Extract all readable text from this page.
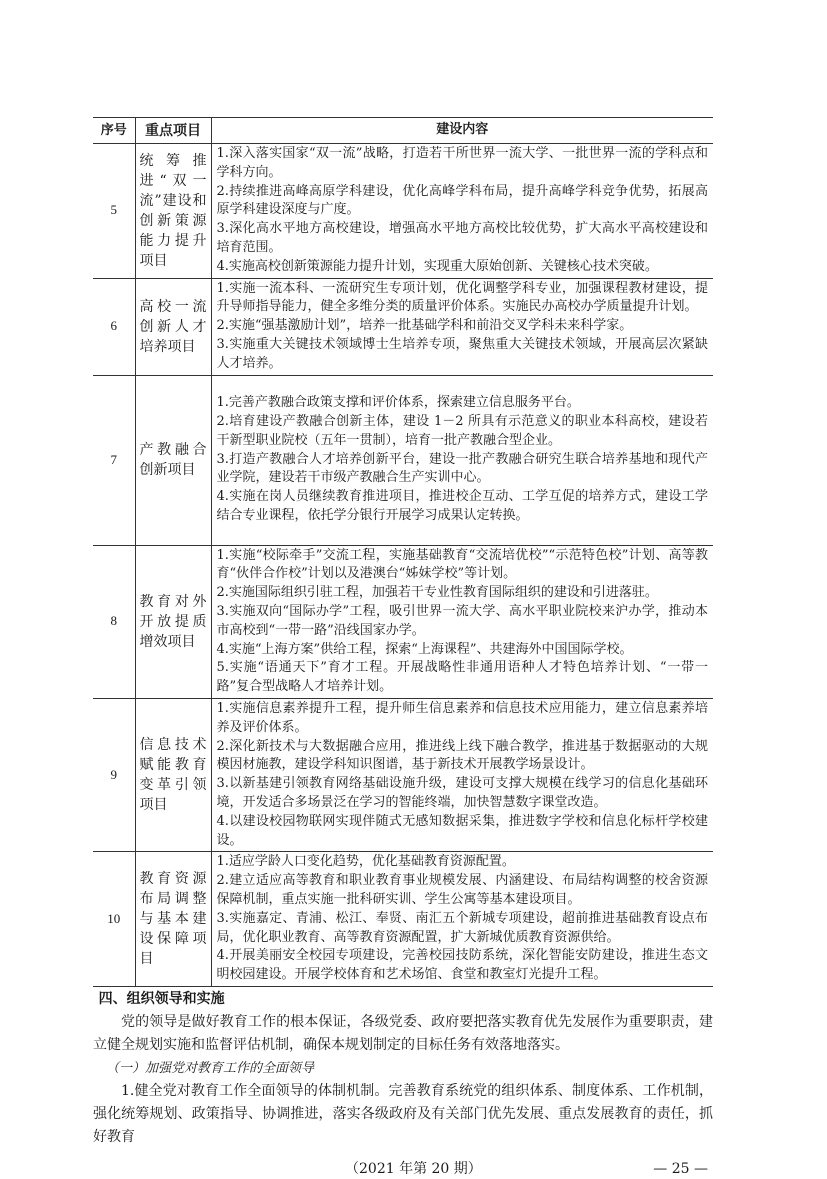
序号	重点项目	建设内容
5	统筹推进“双一流”建设和创新策源能力提升项目	1.深入落实国家“双一流”战略，打造若干所世界一流大学、一批世界一流的学科点和学科方向。
2.持续推进高峰高原学科建设，优化高峰学科布局，提升高峰学科竞争优势，拓展高原学科建设深度与广度。
3.深化高水平地方高校建设，增强高水平地方高校比较优势，扩大高水平高校建设和培育范围。
4.实施高校创新策源能力提升计划，实现重大原始创新、关键核心技术突破。

6	高校一流创新人才培养项目	1.实施一流本科、一流研究生专项计划，优化调整学科专业，加强课程教材建设，提升导师指导能力，健全多维分类的质量评价体系。实施民办高校办学质量提升计划。
2.实施“强基激励计划”，培养一批基础学科和前沿交叉学科未来科学家。
3.实施重大关键技术领域博士生培养专项，聚焦重大关键技术领域，开展高层次紧缺人才培养。

7	产教融合创新项目	1.完善产教融合政策支撑和评价体系，探索建立信息服务平台。
2.培育建设产教融合创新主体，建设 1－2 所具有示范意义的职业本科高校，建设若干新型职业院校（五年一贯制），培育一批产教融合型企业。
3.打造产教融合人才培养创新平台，建设一批产教融合研究生联合培养基地和现代产业学院，建设若干市级产教融合生产实训中心。
4.实施在岗人员继续教育推进项目，推进校企互动、工学互促的培养方式，建设工学结合专业课程，依托学分银行开展学习成果认定转换。

8	教育对外开放提质增效项目	1.实施“校际牵手”交流工程，实施基础教育“交流培优校”“示范特色校”计划、高等教育“伙伴合作校”计划以及港澳台“姊妹学校”等计划。
2.实施国际组织引驻工程，加强若干专业性教育国际组织的建设和引进落驻。
3.实施双向“国际办学”工程，吸引世界一流大学、高水平职业院校来沪办学，推动本市高校到“一带一路”沿线国家办学。
4.实施“上海方案”供给工程，探索“上海课程”、共建海外中国国际学校。
5.实施“语通天下”育才工程。开展战略性非通用语种人才特色培养计划、“一带一路”复合型战略人才培养计划。

9	信息技术赋能教育变革引领项目	1.实施信息素养提升工程，提升师生信息素养和信息技术应用能力，建立信息素养培养及评价体系。
2.深化新技术与大数据融合应用，推进线上线下融合教学，推进基于数据驱动的大规模因材施教，建设学科知识图谱，基于新技术开展教学场景设计。
3.以新基建引领教育网络基础设施升级，建设可支撑大规模在线学习的信息化基础环境，开发适合多场景泛在学习的智能终端，加快智慧数字课堂改造。
4.以建设校园物联网实现伴随式无感知数据采集，推进数字学校和信息化标杆学校建设。

10	教育资源布局调整与基本建设保障项目	1.适应学龄人口变化趋势，优化基础教育资源配置。
2.建立适应高等教育和职业教育事业规模发展、内涵建设、布局结构调整的校舍资源保障机制，重点实施一批科研实训、学生公寓等基本建设项目。
3.实施嘉定、青浦、松江、奉贤、南汇五个新城专项建设，超前推进基础教育设点布局，优化职业教育、高等教育资源配置，扩大新城优质教育资源供给。
4.开展美丽安全校园专项建设，完善校园技防系统，深化智能安防建设，推进生态文明校园建设。开展学校体育和艺术场馆、食堂和教室灯光提升工程。
四、组织领导和实施
党的领导是做好教育工作的根本保证，各级党委、政府要把落实教育优先发展作为重要职责，建立健全规划实施和监督评估机制，确保本规划制定的目标任务有效落地落实。
（一）加强党对教育工作的全面领导
1.健全党对教育工作全面领导的体制机制。完善教育系统党的组织体系、制度体系、工作机制，强化统筹规划、政策指导、协调推进，落实各级政府及有关部门优先发展、重点发展教育的责任，抓好教育
（2021 年第 20 期）	— 25 —
